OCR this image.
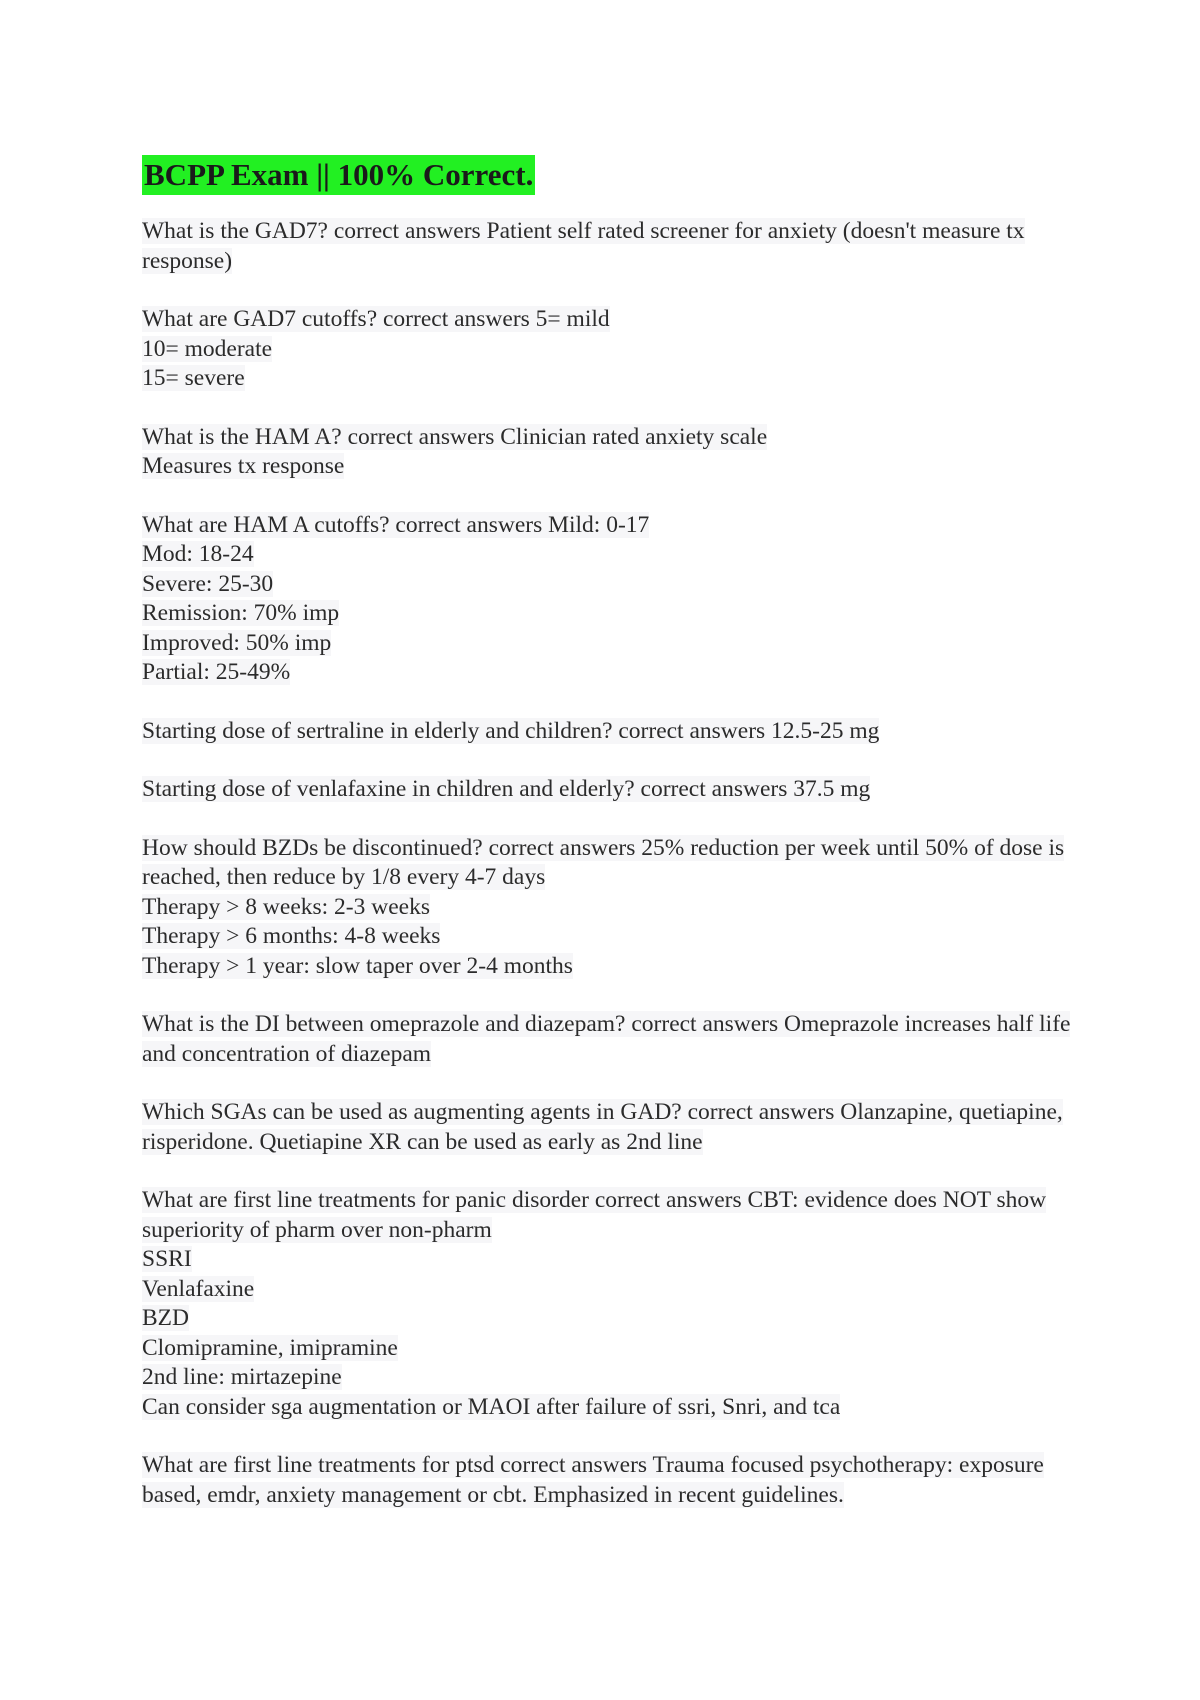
BCPP Exam || 100% Correct.

What is the GAD7? correct answers Patient self rated screener for anxiety (doesn't measure tx response)

What are GAD7 cutoffs? correct answers 5= mild

10= moderate

15= severe

What is the HAM A? correct answers Clinician rated anxiety scale

Measures tx response

What are HAM A cutoffs? correct answers Mild: 0-17

Mod: 18-24

Severe: 25-30

Remission: 70% imp

Improved: 50% imp

Partial: 25-49%

Starting dose of sertraline in elderly and children? correct answers 12.5-25 mg

Starting dose of venlafaxine in children and elderly? correct answers 37.5 mg

How should BZDs be discontinued? correct answers 25% reduction per week until 50% of dose is reached, then reduce by 1/8 every 4-7 days

Therapy > 8 weeks: 2-3 weeks

Therapy > 6 months: 4-8 weeks

Therapy > 1 year: slow taper over 2-4 months

What is the DI between omeprazole and diazepam? correct answers Omeprazole increases half life and concentration of diazepam

Which SGAs can be used as augmenting agents in GAD? correct answers Olanzapine, quetiapine, risperidone. Quetiapine XR can be used as early as 2nd line

What are first line treatments for panic disorder correct answers CBT: evidence does NOT show superiority of pharm over non-pharm

SSRI

Venlafaxine

BZD

Clomipramine, imipramine

2nd line: mirtazepine

Can consider sga augmentation or MAOI after failure of ssri, Snri, and tca

What are first line treatments for ptsd correct answers Trauma focused psychotherapy: exposure based, emdr, anxiety management or cbt. Emphasized in recent guidelines.
